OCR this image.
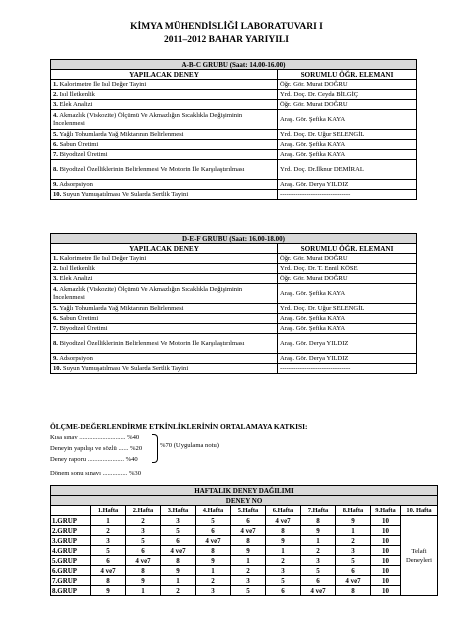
KİMYA MÜHENDİSLİĞİ LABORATUVARI I
2011–2012 BAHAR YARIYILI
A-B-C GRUBU (Saat: 14.00-16.00)	
YAPILACAK DENEY	SORUMLU ÖĞR. ELEMANI
1. Kalorimetre İle Isıl Değer Tayini	Öğr. Gör. Murat DOĞRU
2. Isıl İletkenlik	Yrd. Doç. Dr. Ceyda BİLGİÇ
3. Elek Analizi	Öğr. Gör. Murat DOĞRU
4. Akmazlık (Viskozite) Ölçümü Ve Akmazlığın Sıcaklıkla Değişiminin İncelenmesi	Araş. Gör. Şefika KAYA
5. Yağlı Tohumlarda Yağ Miktarının Belirlenmesi	Yrd. Doç. Dr. Uğur SELENGİL
6. Sabun Üretimi	Araş. Gör. Şefika KAYA
7. Biyodizel Üretimi	Araş. Gör. Şefika KAYA
8. Biyodizel Özelliklerinin Belirlenmesi Ve Motorin İle Karşılaştırılması	Yrd. Doç. Dr.İlknur DEMİRAL
9. Adsorpsiyon	Araş. Gör. Derya YILDIZ
10. Suyun Yumuşatılması Ve Sularda Sertlik Tayini	--------------------------------
D-E-F GRUBU (Saat: 16.00-18.00)	
YAPILACAK DENEY	SORUMLU ÖĞR. ELEMANI
1. Kalorimetre İle Isıl Değer Tayini	Öğr. Gör. Murat DOĞRU
2. Isıl İletkenlik	Yrd. Doç. Dr. T. Ennil KÖSE
3. Elek Analizi	Öğr. Gör. Murat DOĞRU
4. Akmazlık (Viskozite) Ölçümü Ve Akmazlığın Sıcaklıkla Değişiminin İncelenmesi	Araş. Gör. Şefika KAYA
5. Yağlı Tohumlarda Yağ Miktarının Belirlenmesi	Yrd. Doç. Dr. Uğur SELENGİL
6. Sabun Üretimi	Araş. Gör. Şefika KAYA
7. Biyodizel Üretimi	Araş. Gör. Şefika KAYA
8. Biyodizel Özelliklerinin Belirlenmesi Ve Motorin İle Karşılaştırılması	Araş. Gör. Derya YILDIZ
9. Adsorpsiyon	Araş. Gör. Derya YILDIZ
10. Suyun Yumuşatılması Ve Sularda Sertlik Tayini	--------------------------------
ÖLÇME-DEĞERLENDİRME ETKİNLİKLERİNİN ORTALAMAYA KATKISI:
Kısa sınav ............................ %40
Deneyin yapılışı ve sözlü ...... %20
Deney raporu ...................... %40
%70 (Uygulama notu)
Dönem sonu sınavı ............... %30
HAFTALIK DENEY DAĞILIMI										
DENEY NO										
	1.Hafta	2.Hafta	3.Hafta	4.Hafta	5.Hafta	6.Hafta	7.Hafta	8.Hafta	9.Hafta	10. Hafta
1.GRUP	1	2	3	5	6	4 ve7	8	9	10	Telafi Deneyleri
2.GRUP	2	3	5	6	4 ve7	8	9	1	10	
3.GRUP	3	5	6	4 ve7	8	9	1	2	10	
4.GRUP	5	6	4 ve7	8	9	1	2	3	10	
5.GRUP	6	4 ve7	8	9	1	2	3	5	10	
6.GRUP	4 ve7	8	9	1	2	3	5	6	10	
7.GRUP	8	9	1	2	3	5	6	4 ve7	10	
8.GRUP	9	1	2	3	5	6	4 ve7	8	10	
